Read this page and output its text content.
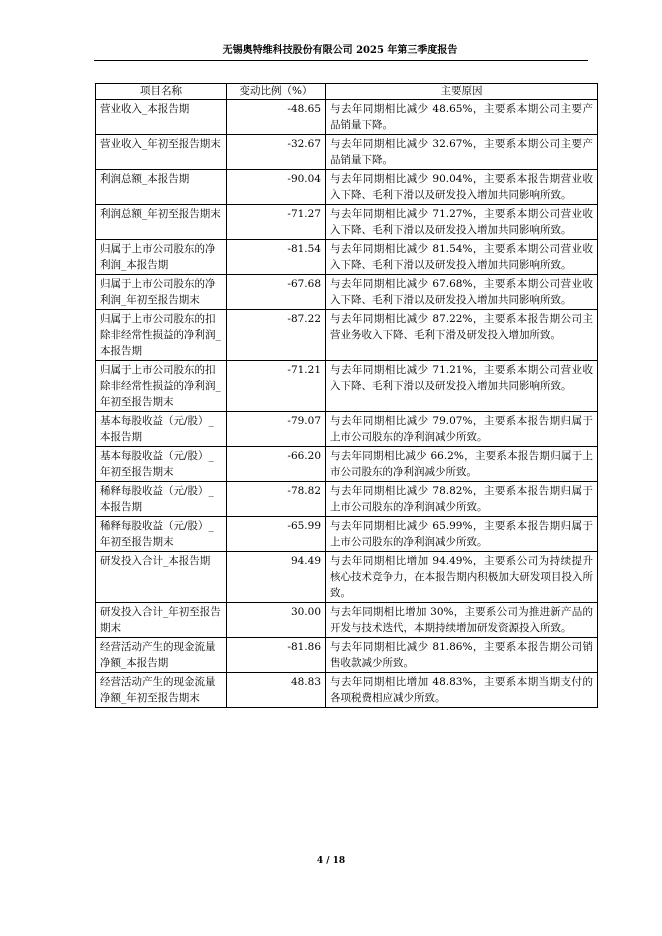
无锡奥特维科技股份有限公司 2025 年第三季度报告
项目名称	变动比例（%）	主要原因
营业收入_本报告期	-48.65	与去年同期相比减少 48.65%，主要系本期公司主要产品销量下降。
营业收入_年初至报告期末	-32.67	与去年同期相比减少 32.67%，主要系本期公司主要产品销量下降。
利润总额_本报告期	-90.04	与去年同期相比减少 90.04%，主要系本报告期营业收入下降、毛利下滑以及研发投入增加共同影响所致。
利润总额_年初至报告期末	-71.27	与去年同期相比减少 71.27%，主要系本期公司营业收入下降、毛利下滑以及研发投入增加共同影响所致。
归属于上市公司股东的净利润_本报告期	-81.54	与去年同期相比减少 81.54%，主要系本期公司营业收入下降、毛利下滑以及研发投入增加共同影响所致。
归属于上市公司股东的净利润_年初至报告期末	-67.68	与去年同期相比减少 67.68%，主要系本期公司营业收入下降、毛利下滑以及研发投入增加共同影响所致。
归属于上市公司股东的扣除非经常性损益的净利润_本报告期	-87.22	与去年同期相比减少 87.22%，主要系本报告期公司主营业务收入下降、毛利下滑及研发投入增加所致。
归属于上市公司股东的扣除非经常性损益的净利润_年初至报告期末	-71.21	与去年同期相比减少 71.21%，主要系本期公司营业收入下降、毛利下滑以及研发投入增加共同影响所致。
基本每股收益（元/股）_本报告期	-79.07	与去年同期相比减少 79.07%，主要系本报告期归属于上市公司股东的净利润减少所致。
基本每股收益（元/股）_年初至报告期末	-66.20	与去年同期相比减少 66.2%，主要系本报告期归属于上市公司股东的净利润减少所致。
稀释每股收益（元/股）_本报告期	-78.82	与去年同期相比减少 78.82%，主要系本报告期归属于上市公司股东的净利润减少所致。
稀释每股收益（元/股）_年初至报告期末	-65.99	与去年同期相比减少 65.99%，主要系本报告期归属于上市公司股东的净利润减少所致。
研发投入合计_本报告期	94.49	与去年同期相比增加 94.49%，主要系公司为持续提升核心技术竞争力，在本报告期内积极加大研发项目投入所致。
研发投入合计_年初至报告期末	30.00	与去年同期相比增加 30%，主要系公司为推进新产品的开发与技术迭代，本期持续增加研发资源投入所致。
经营活动产生的现金流量净额_本报告期	-81.86	与去年同期相比减少 81.86%，主要系本报告期公司销售收款减少所致。
经营活动产生的现金流量净额_年初至报告期末	48.83	与去年同期相比增加 48.83%，主要系本期当期支付的各项税费相应减少所致。
4 / 18
